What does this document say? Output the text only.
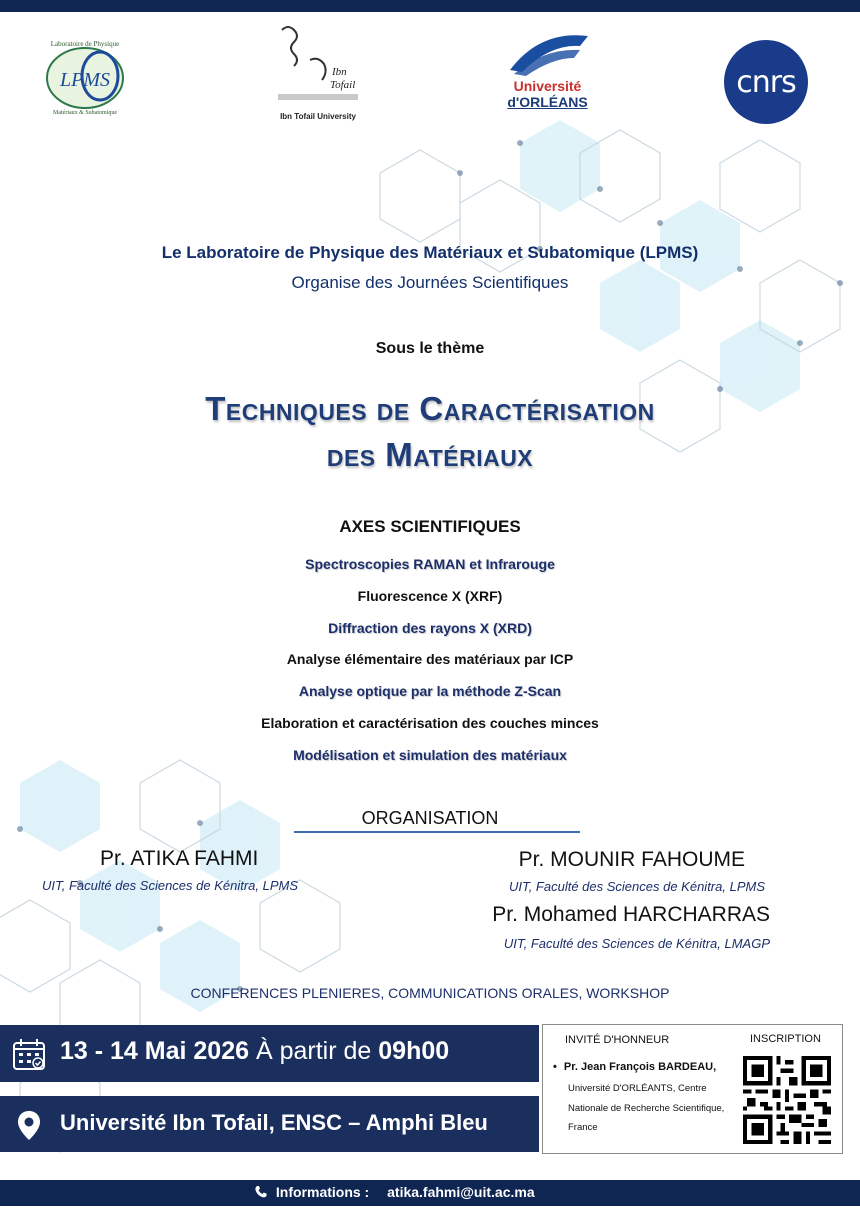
LPMS
Laboratoire de Physique
Matériaux & Subatomique
Ibn
Tofail
Ibn Tofail University
Université
d'ORLÉANS
cnrs
Le Laboratoire de Physique des Matériaux et Subatomique (LPMS)
Organise des Journées Scientifiques
Sous le thème
Techniques de Caractérisation
des Matériaux
AXES SCIENTIFIQUES
Spectroscopies RAMAN et Infrarouge
Fluorescence X (XRF)
Diffraction des rayons X (XRD)
Analyse élémentaire des matériaux par ICP
Analyse optique par la méthode Z-Scan
Elaboration et caractérisation des couches minces
Modélisation et simulation des matériaux
ORGANISATION
Pr. ATIKA FAHMI
UIT, Faculté des Sciences de Kénitra, LPMS
Pr. MOUNIR FAHOUME
UIT, Faculté des Sciences de Kénitra, LPMS
Pr. Mohamed HARCHARRAS
UIT, Faculté des Sciences de Kénitra, LMAGP
CONFERENCES PLENIERES, COMMUNICATIONS ORALES, WORKSHOP
13 - 14 Mai 2026 À partir de 09h00
Université Ibn Tofail, ENSC – Amphi Bleu
INVITÉ D'HONNEUR	INSCRIPTION
• Pr. Jean François BARDEAU,
Université D'ORLÉANTS, Centre Nationale de Recherche Scientifique, France
Informations : atika.fahmi@uit.ac.ma
